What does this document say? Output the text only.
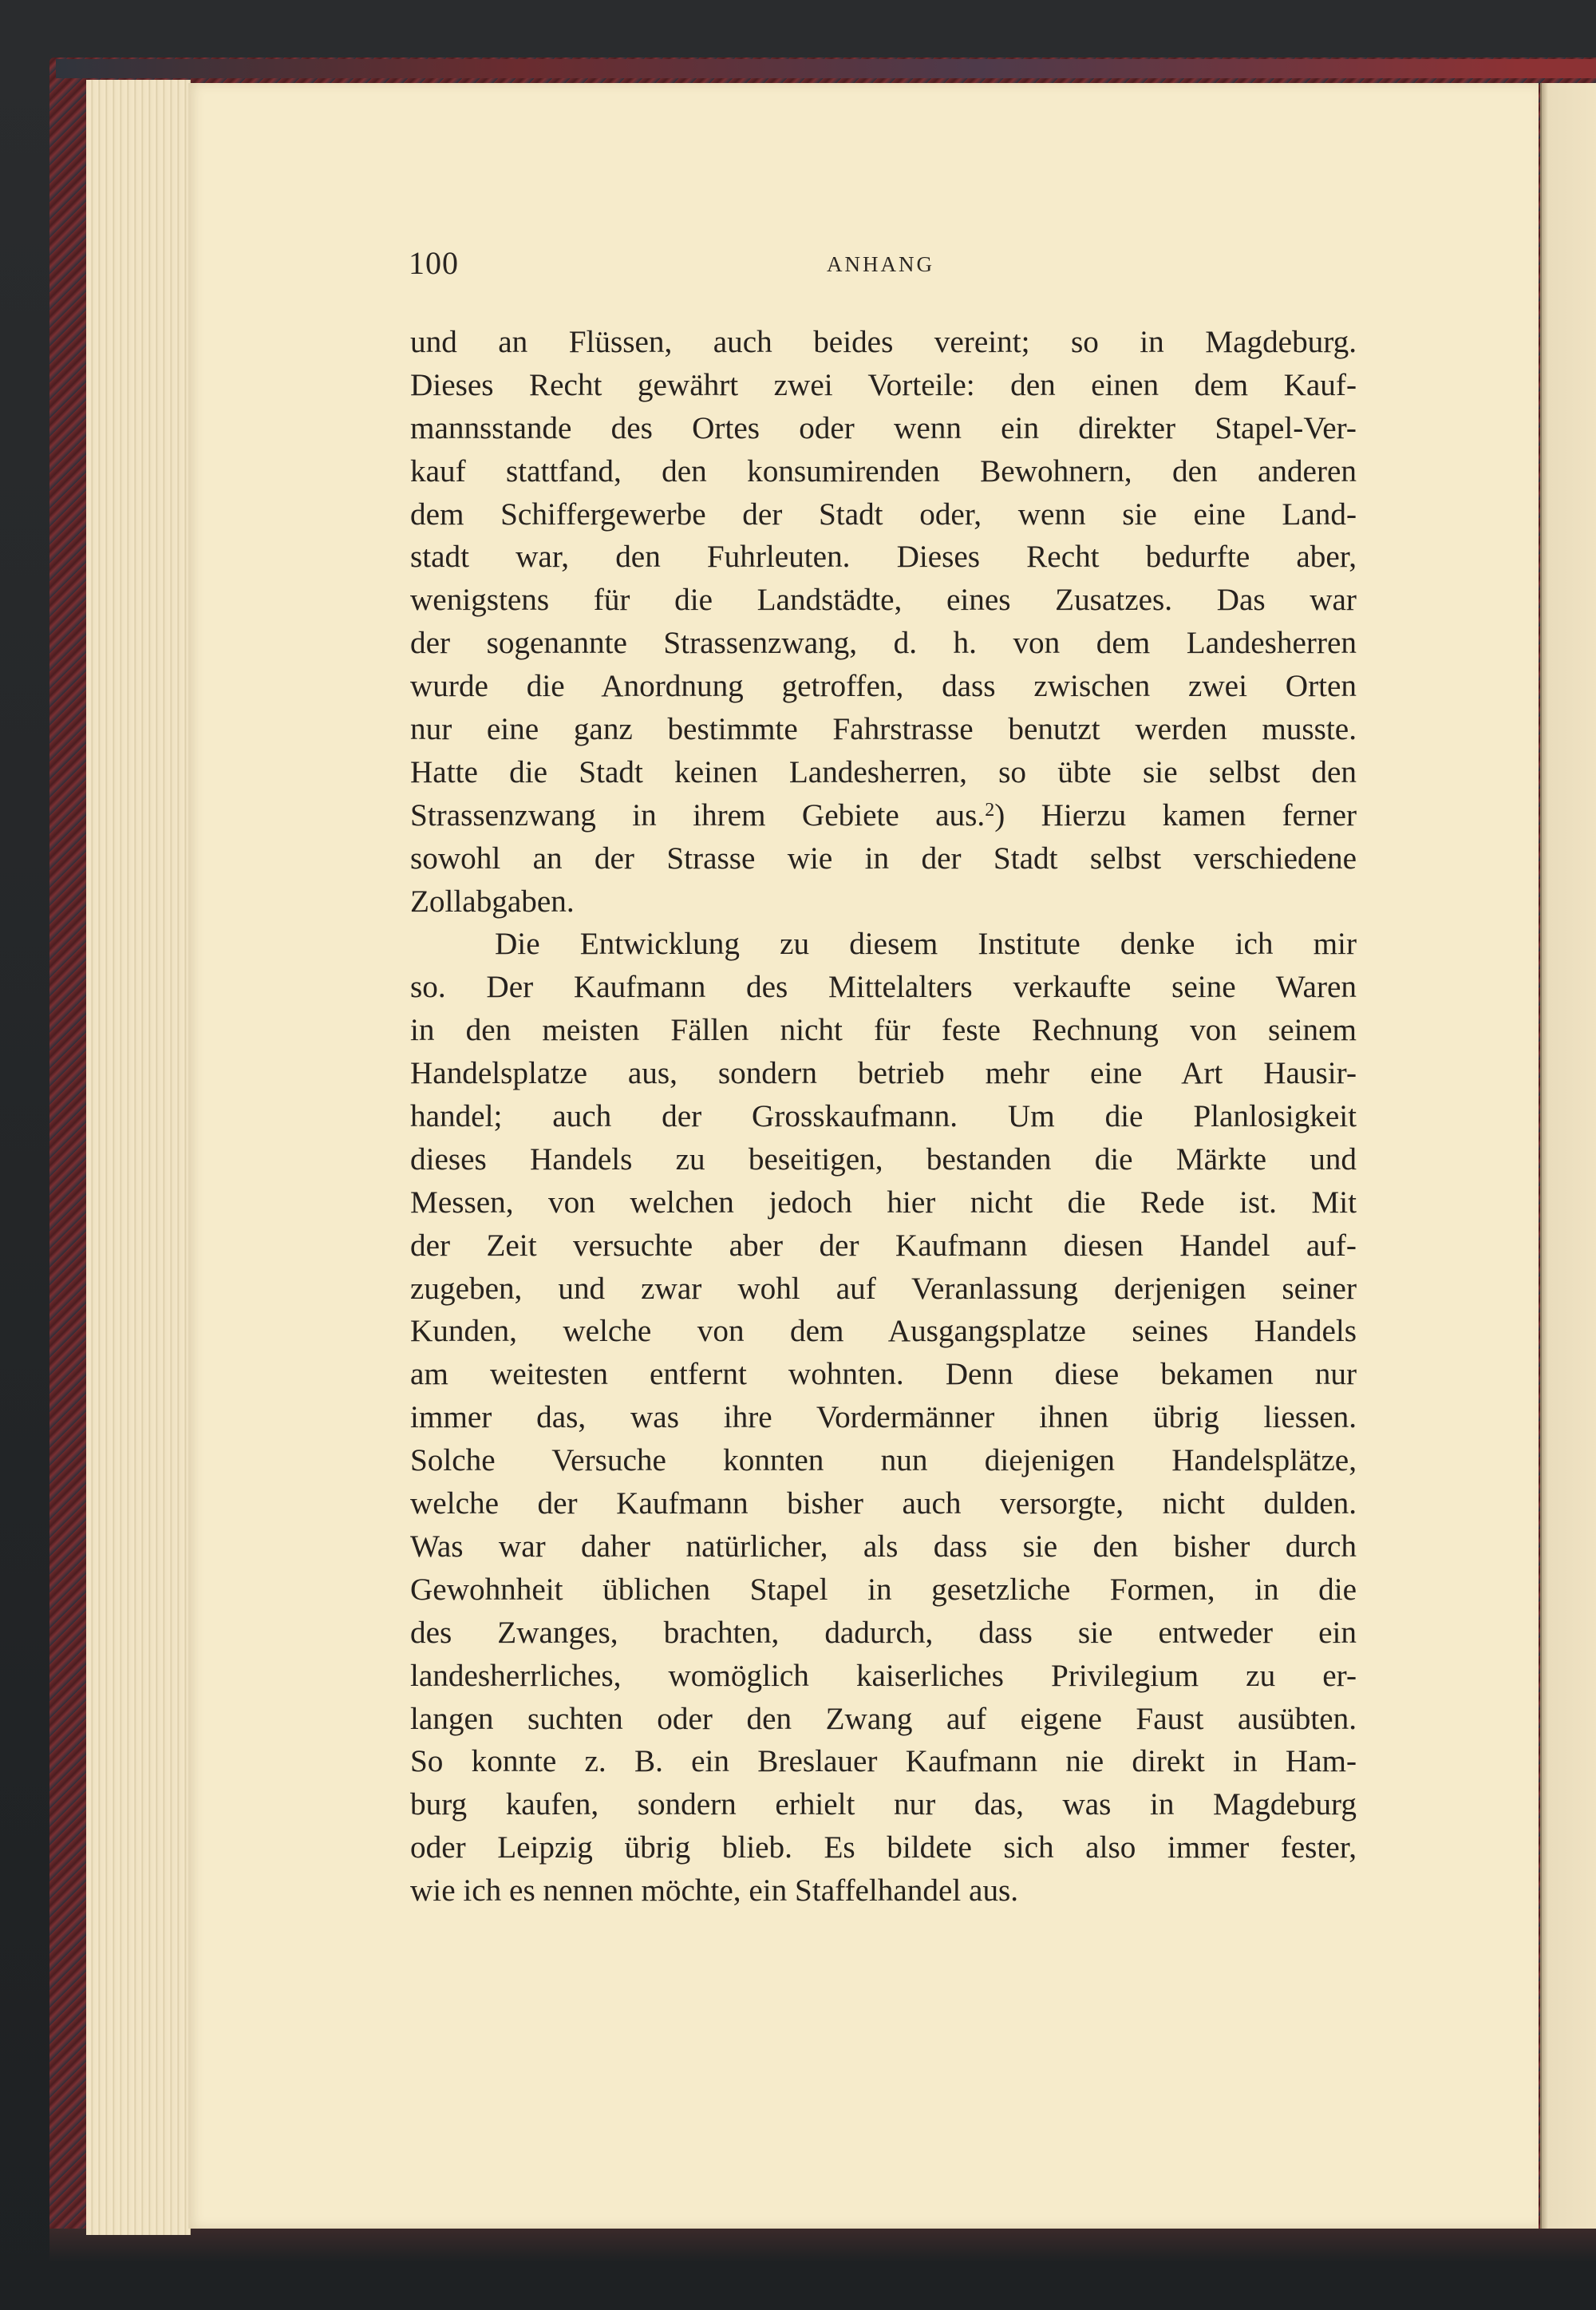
100	ANHANG
und an Flüssen, auch beides vereint; so in Magdeburg.
Dieses Recht gewährt zwei Vorteile: den einen dem Kauf-
mannsstande des Ortes oder wenn ein direkter Stapel-Ver-
kauf stattfand, den konsumirenden Bewohnern, den anderen
dem Schiffergewerbe der Stadt oder, wenn sie eine Land-
stadt war, den Fuhrleuten. Dieses Recht bedurfte aber,
wenigstens für die Landstädte, eines Zusatzes. Das war
der sogenannte Strassenzwang, d. h. von dem Landesherren
wurde die Anordnung getroffen, dass zwischen zwei Orten
nur eine ganz bestimmte Fahrstrasse benutzt werden musste.
Hatte die Stadt keinen Landesherren, so übte sie selbst den
Strassenzwang in ihrem Gebiete aus.$^2$) Hierzu kamen ferner
sowohl an der Strasse wie in der Stadt selbst verschiedene
Zollabgaben.
Die Entwicklung zu diesem Institute denke ich mir
so. Der Kaufmann des Mittelalters verkaufte seine Waren
in den meisten Fällen nicht für feste Rechnung von seinem
Handelsplatze aus, sondern betrieb mehr eine Art Hausir-
handel; auch der Grosskaufmann. Um die Planlosigkeit
dieses Handels zu beseitigen, bestanden die Märkte und
Messen, von welchen jedoch hier nicht die Rede ist. Mit
der Zeit versuchte aber der Kaufmann diesen Handel auf-
zugeben, und zwar wohl auf Veranlassung derjenigen seiner
Kunden, welche von dem Ausgangsplatze seines Handels
am weitesten entfernt wohnten. Denn diese bekamen nur
immer das, was ihre Vordermänner ihnen übrig liessen.
Solche Versuche konnten nun diejenigen Handelsplätze,
welche der Kaufmann bisher auch versorgte, nicht dulden.
Was war daher natürlicher, als dass sie den bisher durch
Gewohnheit üblichen Stapel in gesetzliche Formen, in die
des Zwanges, brachten, dadurch, dass sie entweder ein
landesherrliches, womöglich kaiserliches Privilegium zu er-
langen suchten oder den Zwang auf eigene Faust ausübten.
So konnte z. B. ein Breslauer Kaufmann nie direkt in Ham-
burg kaufen, sondern erhielt nur das, was in Magdeburg
oder Leipzig übrig blieb. Es bildete sich also immer fester,
wie ich es nennen möchte, ein Staffelhandel aus.
